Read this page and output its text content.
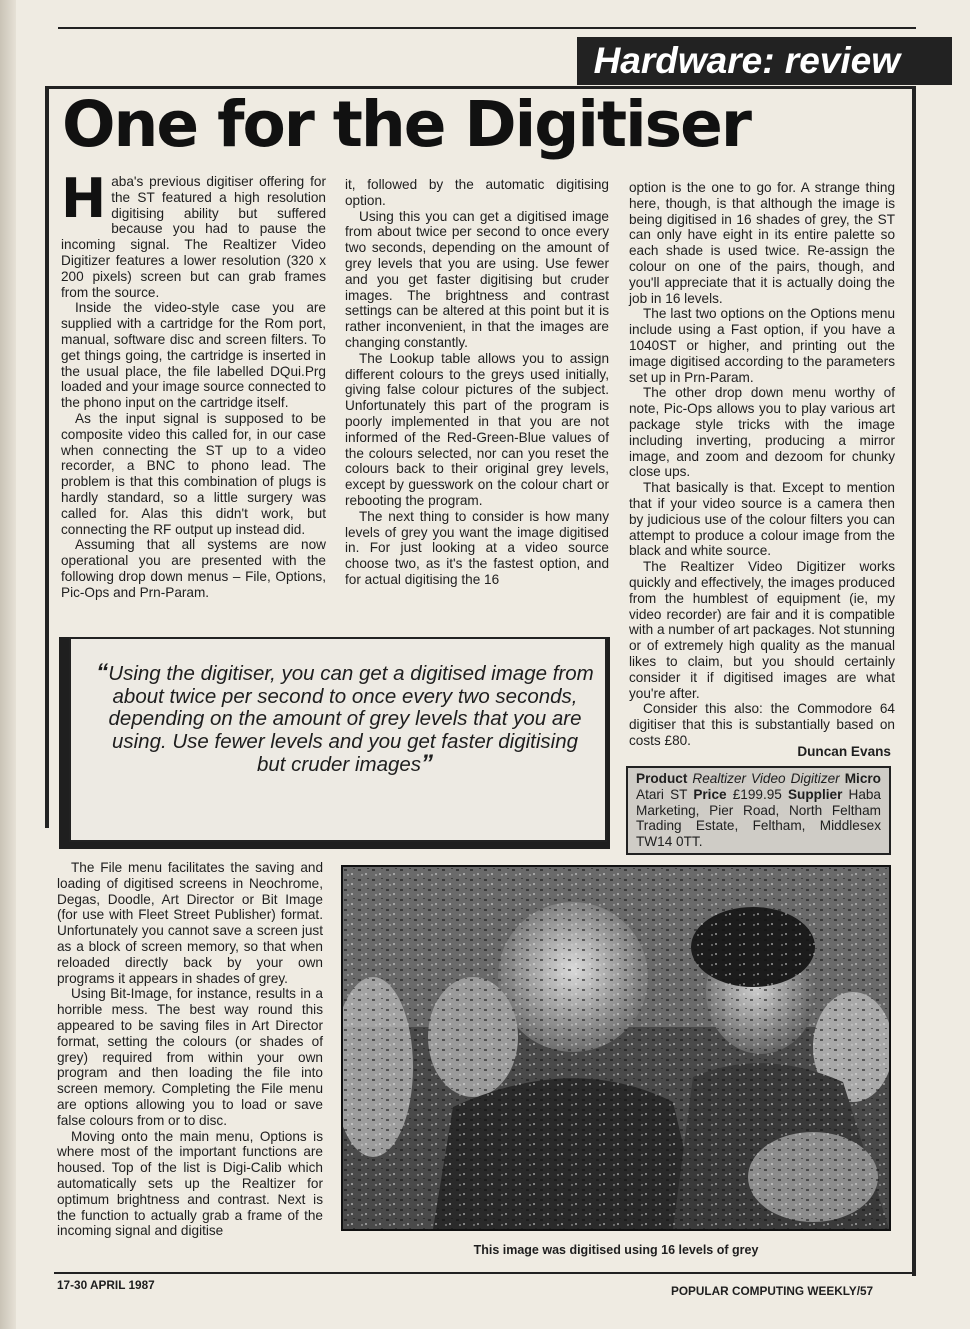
Hardware: review
One for the Digitiser

Haba's previous digitiser offering for the ST featured a high resolution digitising ability but suffered because you had to pause the incoming signal. The Realtizer Video Digitizer features a lower resolution (320 x 200 pixels) screen but can grab frames from the source.

Inside the video-style case you are supplied with a cartridge for the Rom port, manual, software disc and screen filters. To get things going, the cartridge is inserted in the usual place, the file labelled DQui.Prg loaded and your image source connected to the phono input on the cartridge itself.

As the input signal is supposed to be composite video this called for, in our case when connecting the ST up to a video recorder, a BNC to phono lead. The problem is that this combination of plugs is hardly standard, so a little surgery was called for. Alas this didn't work, but connecting the RF output up instead did.

Assuming that all systems are now operational you are presented with the following drop down menus – File, Options, Pic-Ops and Prn-Param.

it, followed by the automatic digitising option.

Using this you can get a digitised image from about twice per second to once every two seconds, depending on the amount of grey levels that you are using. Use fewer and you get faster digitising but cruder images. The brightness and contrast settings can be altered at this point but it is rather inconvenient, in that the images are changing constantly.

The Lookup table allows you to assign different colours to the greys used initially, giving false colour pictures of the subject. Unfortunately this part of the program is poorly implemented in that you are not informed of the Red-Green-Blue values of the colours selected, nor can you reset the colours back to their original grey levels, except by guesswork on the colour chart or rebooting the program.

The next thing to consider is how many levels of grey you want the image digitised in. For just looking at a video source choose two, as it's the fastest option, and for actual digitising the 16

option is the one to go for. A strange thing here, though, is that although the image is being digitised in 16 shades of grey, the ST can only have eight in its entire palette so each shade is used twice. Re-assign the colour on one of the pairs, though, and you'll appreciate that it is actually doing the job in 16 levels.

The last two options on the Options menu include using a Fast option, if you have a 1040ST or higher, and printing out the image digitised according to the parameters set up in Prn-Param.

The other drop down menu worthy of note, Pic-Ops allows you to play various art package style tricks with the image including inverting, producing a mirror image, and zoom and dezoom for chunky close ups.

That basically is that. Except to mention that if your video source is a camera then by judicious use of the colour filters you can attempt to produce a colour image from the black and white source.

The Realtizer Video Digitizer works quickly and effectively, the images produced from the humblest of equipment (ie, my video recorder) are fair and it is compatible with a number of art packages. Not stunning or of extremely high quality as the manual likes to claim, but you should certainly consider it if digitised images are what you're after.

Consider this also: the Commodore 64 digitiser that this is substantially based on costs £80.

Duncan Evans
Product Realtizer Video Digitizer Micro Atari ST Price £199.95 Supplier Haba Marketing, Pier Road, North Feltham Trading Estate, Feltham, Middlesex TW14 0TT.
“Using the digitiser, you can get a digitised image from about twice per second to once every two seconds, depending on the amount of grey levels that you are using. Use fewer levels and you get faster digitising but cruder images”

The File menu facilitates the saving and loading of digitised screens in Neochrome, Degas, Doodle, Art Director or Bit Image (for use with Fleet Street Publisher) format. Unfortunately you cannot save a screen just as a block of screen memory, so that when reloaded directly back by your own programs it appears in shades of grey.

Using Bit-Image, for instance, results in a horrible mess. The best way round this appeared to be saving files in Art Director format, setting the colours (or shades of grey) required from within your own program and then loading the file into screen memory. Completing the File menu are options allowing you to load or save false colours from or to disc.

Moving onto the main menu, Options is where most of the important functions are housed. Top of the list is Digi-Calib which automatically sets up the Realtizer for optimum brightness and contrast. Next is the function to actually grab a frame of the incoming signal and digitise

This image was digitised using 16 levels of grey
17-30 APRIL 1987	POPULAR COMPUTING WEEKLY/57
